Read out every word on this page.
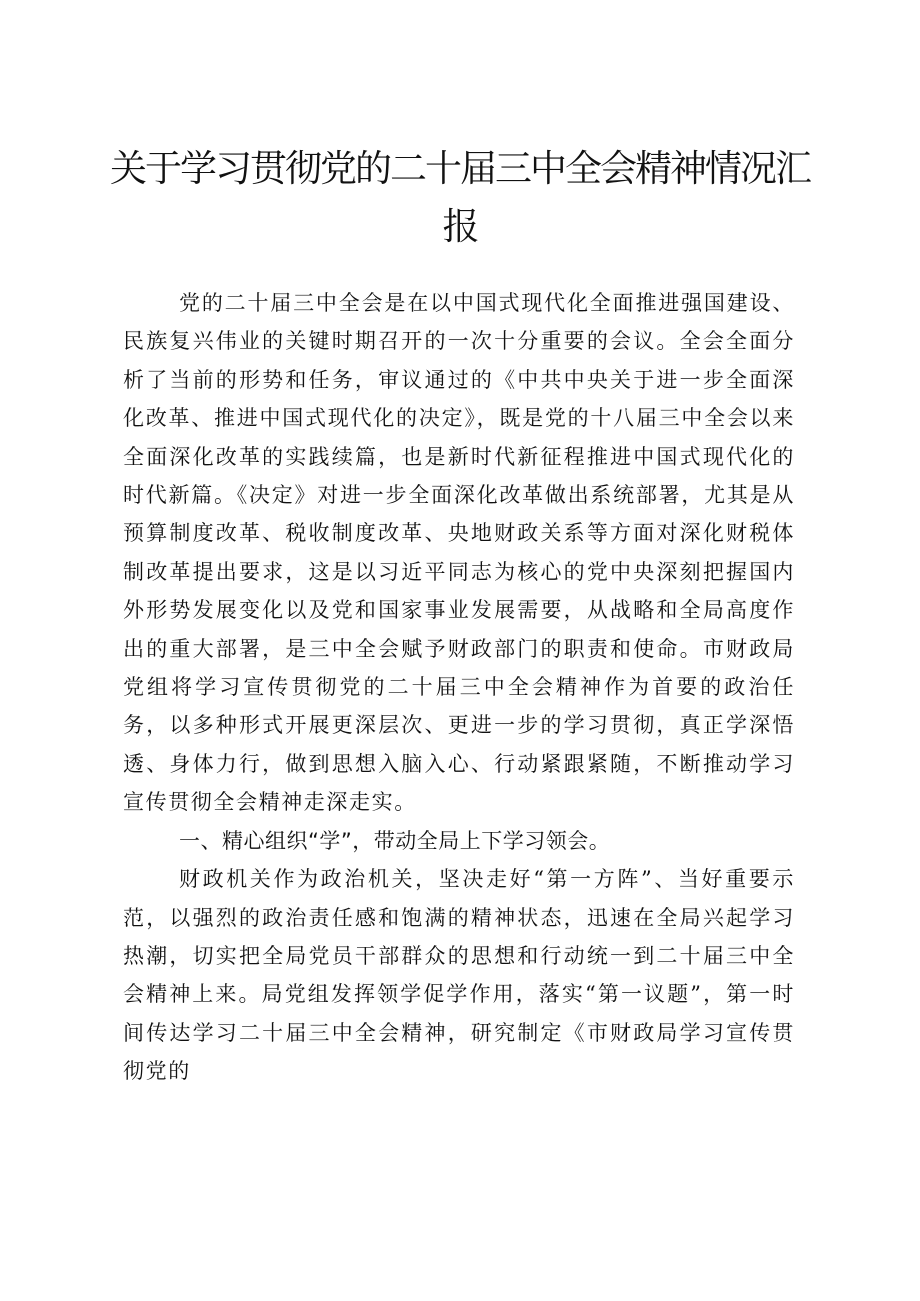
关于学习贯彻党的二十届三中全会精神情况汇报

党的二十届三中全会是在以中国式现代化全面推进强国建设、民族复兴伟业的关键时期召开的一次十分重要的会议。全会全面分析了当前的形势和任务，审议通过的《中共中央关于进一步全面深化改革、推进中国式现代化的决定》，既是党的十八届三中全会以来全面深化改革的实践续篇，也是新时代新征程推进中国式现代化的时代新篇。《决定》对进一步全面深化改革做出系统部署，尤其是从预算制度改革、税收制度改革、央地财政关系等方面对深化财税体制改革提出要求，这是以习近平同志为核心的党中央深刻把握国内外形势发展变化以及党和国家事业发展需要，从战略和全局高度作出的重大部署，是三中全会赋予财政部门的职责和使命。市财政局党组将学习宣传贯彻党的二十届三中全会精神作为首要的政治任务，以多种形式开展更深层次、更进一步的学习贯彻，真正学深悟透、身体力行，做到思想入脑入心、行动紧跟紧随，不断推动学习宣传贯彻全会精神走深走实。

一、精心组织“学”，带动全局上下学习领会。

财政机关作为政治机关，坚决走好“第一方阵”、当好重要示范，以强烈的政治责任感和饱满的精神状态，迅速在全局兴起学习热潮，切实把全局党员干部群众的思想和行动统一到二十届三中全会精神上来。局党组发挥领学促学作用，落实“第一议题”，第一时间传达学习二十届三中全会精神，研究制定《市财政局学习宣传贯彻党的
